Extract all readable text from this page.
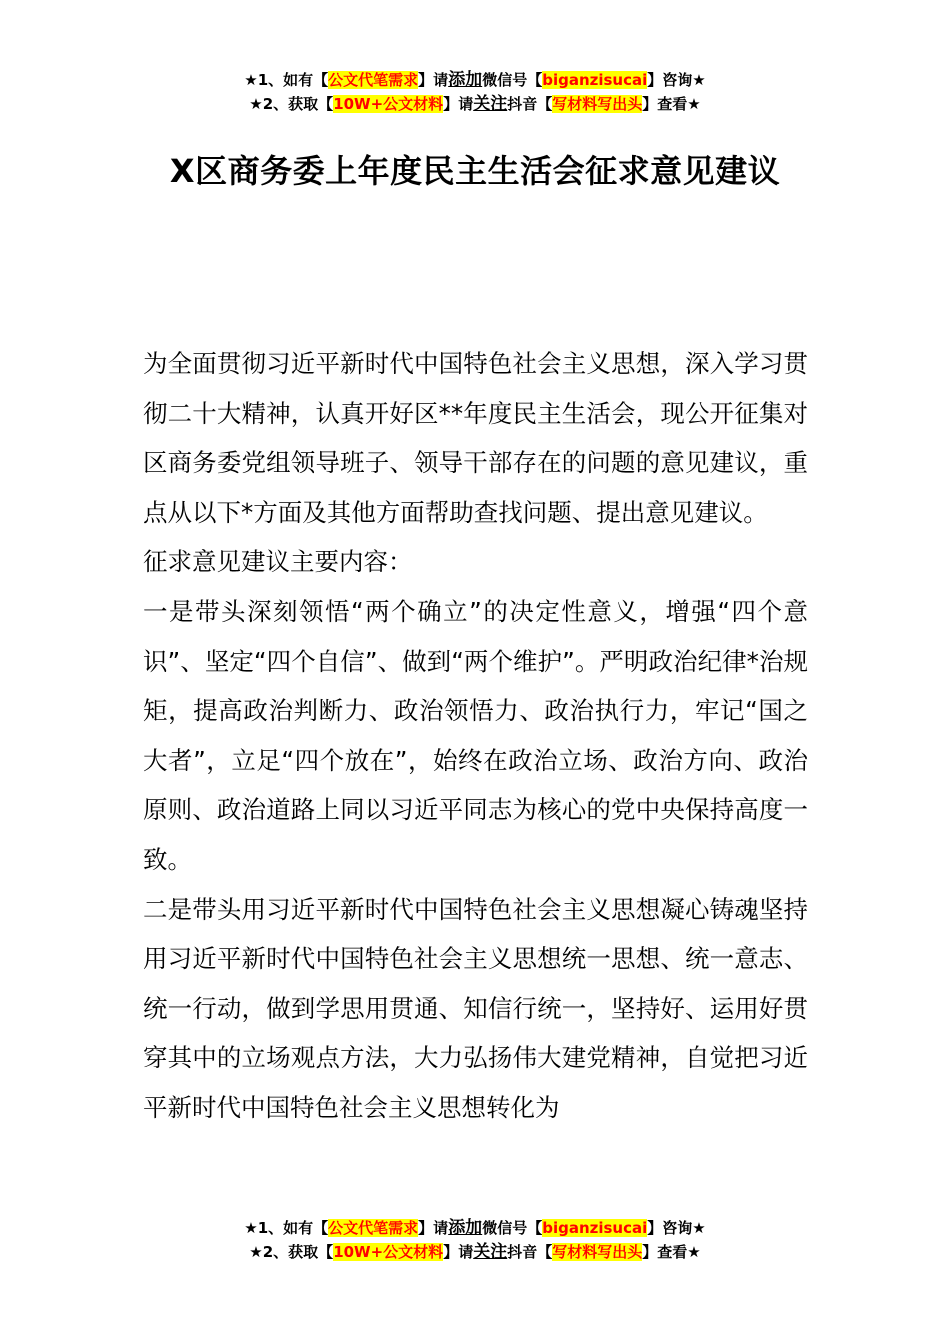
★1、如有【公文代笔需求】请添加微信号【biganzisucai】咨询★
★2、获取【10W+公文材料】请关注抖音【写材料写出头】查看★
X区商务委上年度民主生活会征求意见建议

为全面贯彻习近平新时代中国特色社会主义思想，深入学习贯彻二十大精神，认真开好区**年度民主生活会，现公开征集对区商务委党组领导班子、领导干部存在的问题的意见建议，重点从以下*方面及其他方面帮助查找问题、提出意见建议。

征求意见建议主要内容：

一是带头深刻领悟“两个确立”的决定性意义，增强“四个意识”、坚定“四个自信”、做到“两个维护”。严明政治纪律*治规矩，提高政治判断力、政治领悟力、政治执行力，牢记“国之大者”，立足“四个放在”，始终在政治立场、政治方向、政治原则、政治道路上同以习近平同志为核心的党中央保持高度一致。

二是带头用习近平新时代中国特色社会主义思想凝心铸魂坚持用习近平新时代中国特色社会主义思想统一思想、统一意志、统一行动，做到学思用贯通、知信行统一，坚持好、运用好贯穿其中的立场观点方法，大力弘扬伟大建党精神，自觉把习近平新时代中国特色社会主义思想转化为

★1、如有【公文代笔需求】请添加微信号【biganzisucai】咨询★
★2、获取【10W+公文材料】请关注抖音【写材料写出头】查看★
